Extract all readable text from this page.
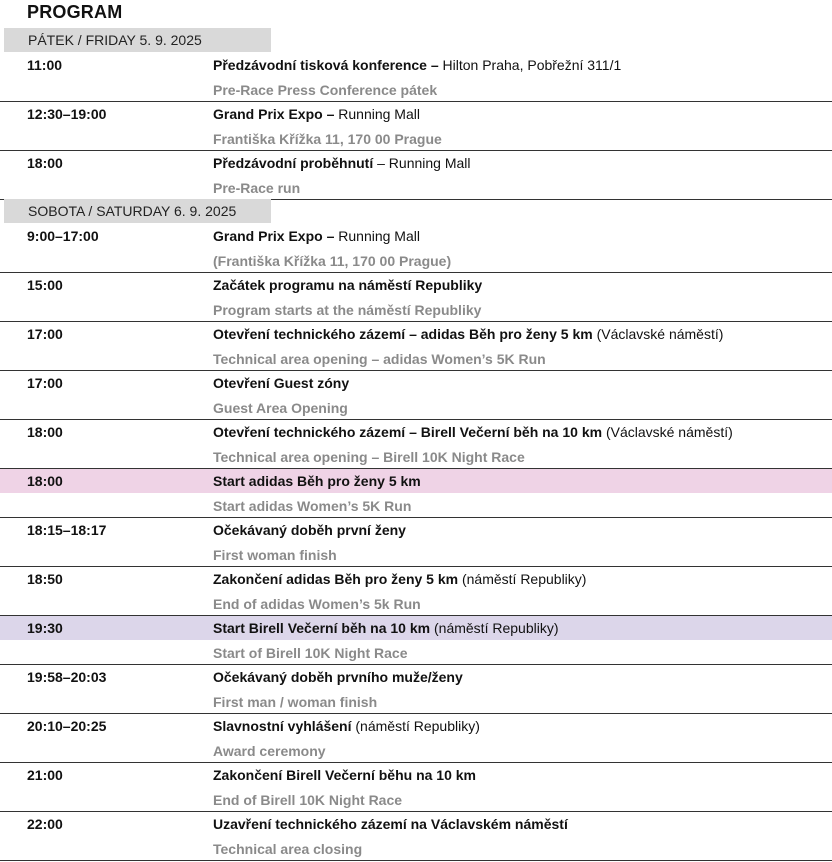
PROGRAM
PÁTEK / FRIDAY 5. 9. 2025
11:00	Předzávodní tisková konference – Hilton Praha, Pobřežní 311/1
Pre-Race Press Conference pátek
12:30–19:00	Grand Prix Expo – Running Mall
Františka Křížka 11, 170 00 Prague
18:00	Předzávodní proběhnutí – Running Mall
Pre-Race run
SOBOTA / SATURDAY 6. 9. 2025
9:00–17:00	Grand Prix Expo – Running Mall
(Františka Křížka 11, 170 00 Prague)
15:00	Začátek programu na náměstí Republiky
Program starts at the náměstí Republiky
17:00	Otevření technického zázemí – adidas Běh pro ženy 5 km (Václavské náměstí)
Technical area opening – adidas Women’s 5K Run
17:00	Otevření Guest zóny
Guest Area Opening
18:00	Otevření technického zázemí – Birell Večerní běh na 10 km (Václavské náměstí)
Technical area opening – Birell 10K Night Race
18:00	Start adidas Běh pro ženy 5 km
Start adidas Women’s 5K Run
18:15–18:17	Očekávaný doběh první ženy
First woman finish
18:50	Zakončení adidas Běh pro ženy 5 km (náměstí Republiky)
End of adidas Women’s 5k Run
19:30	Start Birell Večerní běh na 10 km (náměstí Republiky)
Start of Birell 10K Night Race
19:58–20:03	Očekávaný doběh prvního muže/ženy
First man / woman finish
20:10–20:25	Slavnostní vyhlášení (náměstí Republiky)
Award ceremony
21:00	Zakončení Birell Večerní běhu na 10 km
End of Birell 10K Night Race
22:00	Uzavření technického zázemí na Václavském náměstí
Technical area closing
